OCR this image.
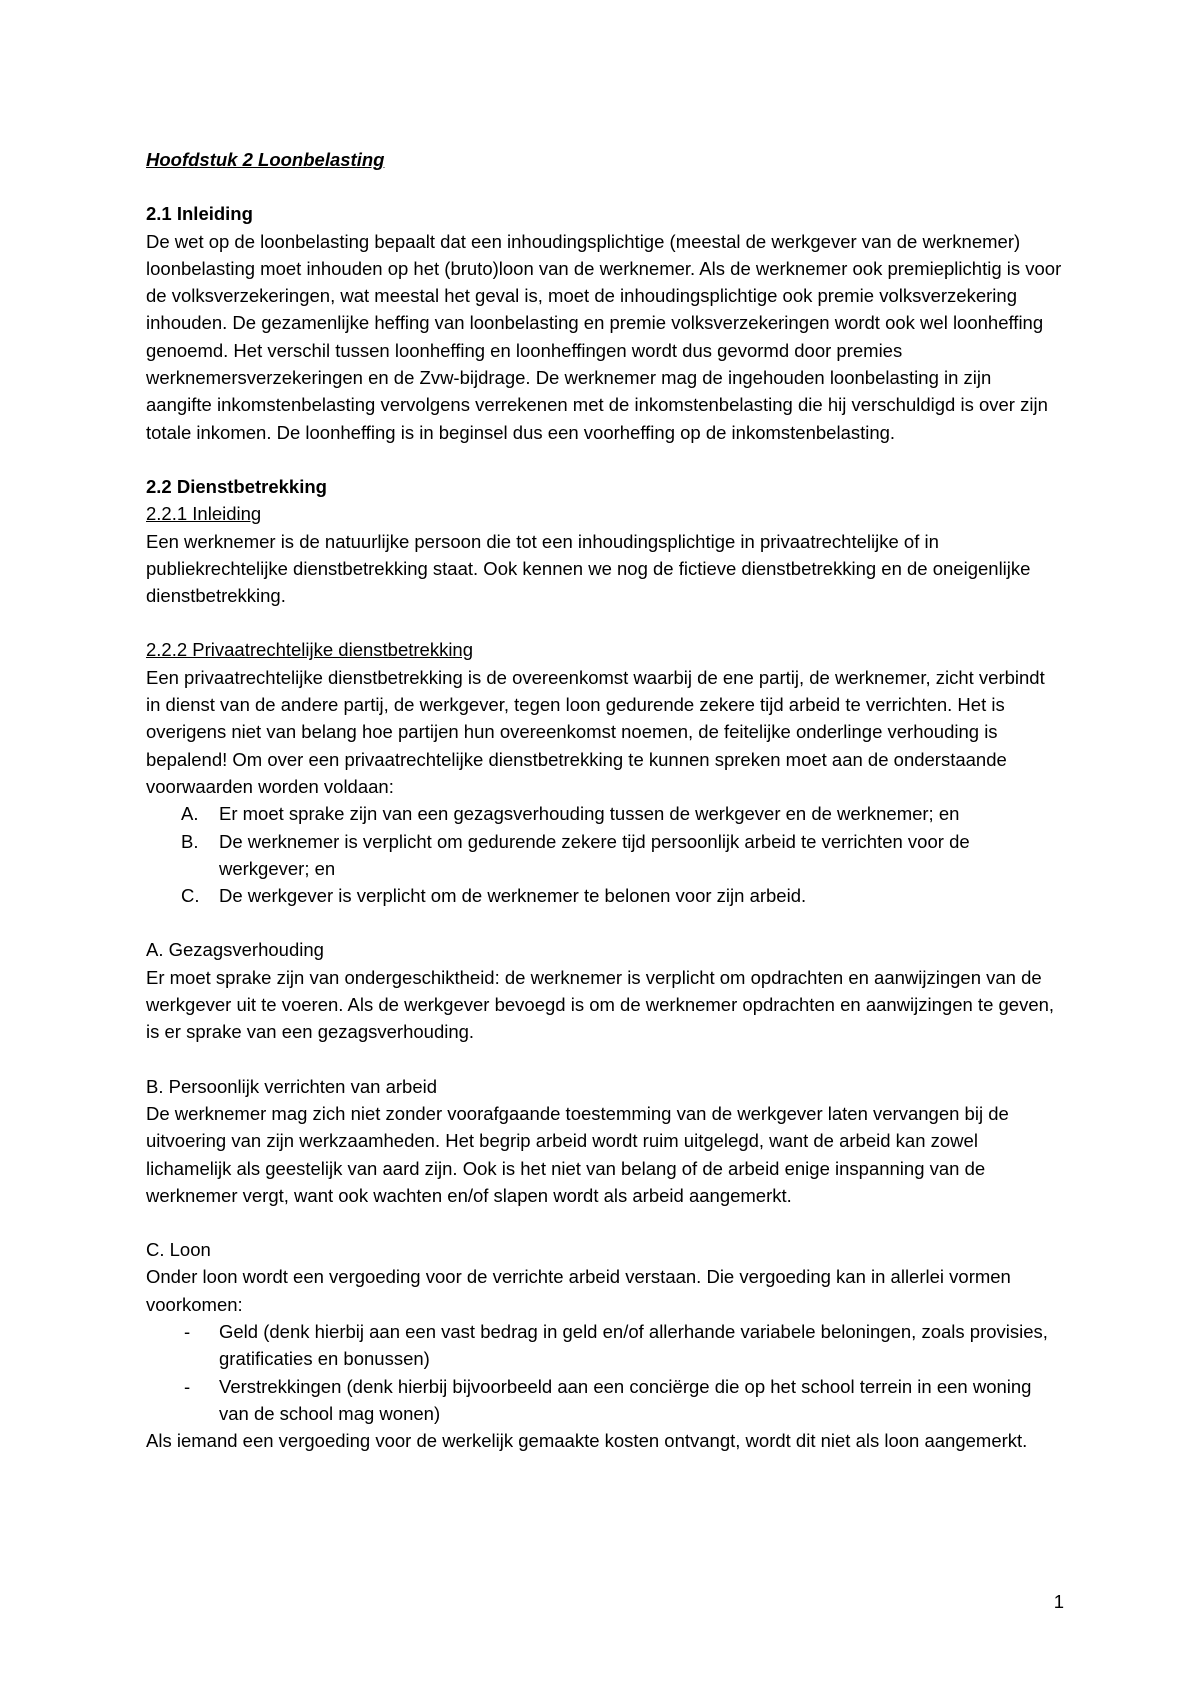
Hoofdstuk 2 Loonbelasting

2.1 Inleiding

De wet op de loonbelasting bepaalt dat een inhoudingsplichtige (meestal de werkgever van de werknemer) loonbelasting moet inhouden op het (bruto)loon van de werknemer. Als de werknemer ook premieplichtig is voor de volksverzekeringen, wat meestal het geval is, moet de inhoudingsplichtige ook premie volksverzekering inhouden. De gezamenlijke heffing van loonbelasting en premie volksverzekeringen wordt ook wel loonheffing genoemd. Het verschil tussen loonheffing en loonheffingen wordt dus gevormd door premies werknemersverzekeringen en de Zvw-bijdrage. De werknemer mag de ingehouden loonbelasting in zijn aangifte inkomstenbelasting vervolgens verrekenen met de inkomstenbelasting die hij verschuldigd is over zijn totale inkomen. De loonheffing is in beginsel dus een voorheffing op de inkomstenbelasting.

2.2 Dienstbetrekking

2.2.1 Inleiding

Een werknemer is de natuurlijke persoon die tot een inhoudingsplichtige in privaatrechtelijke of in publiekrechtelijke dienstbetrekking staat. Ook kennen we nog de fictieve dienstbetrekking en de oneigenlijke dienstbetrekking.

2.2.2 Privaatrechtelijke dienstbetrekking

Een privaatrechtelijke dienstbetrekking is de overeenkomst waarbij de ene partij, de werknemer, zicht verbindt in dienst van de andere partij, de werkgever, tegen loon gedurende zekere tijd arbeid te verrichten. Het is overigens niet van belang hoe partijen hun overeenkomst noemen, de feitelijke onderlinge verhouding is bepalend! Om over een privaatrechtelijke dienstbetrekking te kunnen spreken moet aan de onderstaande voorwaarden worden voldaan:

A. Er moet sprake zijn van een gezagsverhouding tussen de werkgever en de werknemer; en
B. De werknemer is verplicht om gedurende zekere tijd persoonlijk arbeid te verrichten voor de werkgever; en
C. De werkgever is verplicht om de werknemer te belonen voor zijn arbeid.

A. Gezagsverhouding

Er moet sprake zijn van ondergeschiktheid: de werknemer is verplicht om opdrachten en aanwijzingen van de werkgever uit te voeren. Als de werkgever bevoegd is om de werknemer opdrachten en aanwijzingen te geven, is er sprake van een gezagsverhouding.

B. Persoonlijk verrichten van arbeid

De werknemer mag zich niet zonder voorafgaande toestemming van de werkgever laten vervangen bij de uitvoering van zijn werkzaamheden. Het begrip arbeid wordt ruim uitgelegd, want de arbeid kan zowel lichamelijk als geestelijk van aard zijn. Ook is het niet van belang of de arbeid enige inspanning van de werknemer vergt, want ook wachten en/of slapen wordt als arbeid aangemerkt.

C. Loon

Onder loon wordt een vergoeding voor de verrichte arbeid verstaan. Die vergoeding kan in allerlei vormen voorkomen:

- Geld (denk hierbij aan een vast bedrag in geld en/of allerhande variabele beloningen, zoals provisies, gratificaties en bonussen)
- Verstrekkingen (denk hierbij bijvoorbeeld aan een conciërge die op het school terrein in een woning van de school mag wonen)

Als iemand een vergoeding voor de werkelijk gemaakte kosten ontvangt, wordt dit niet als loon aangemerkt.

1
